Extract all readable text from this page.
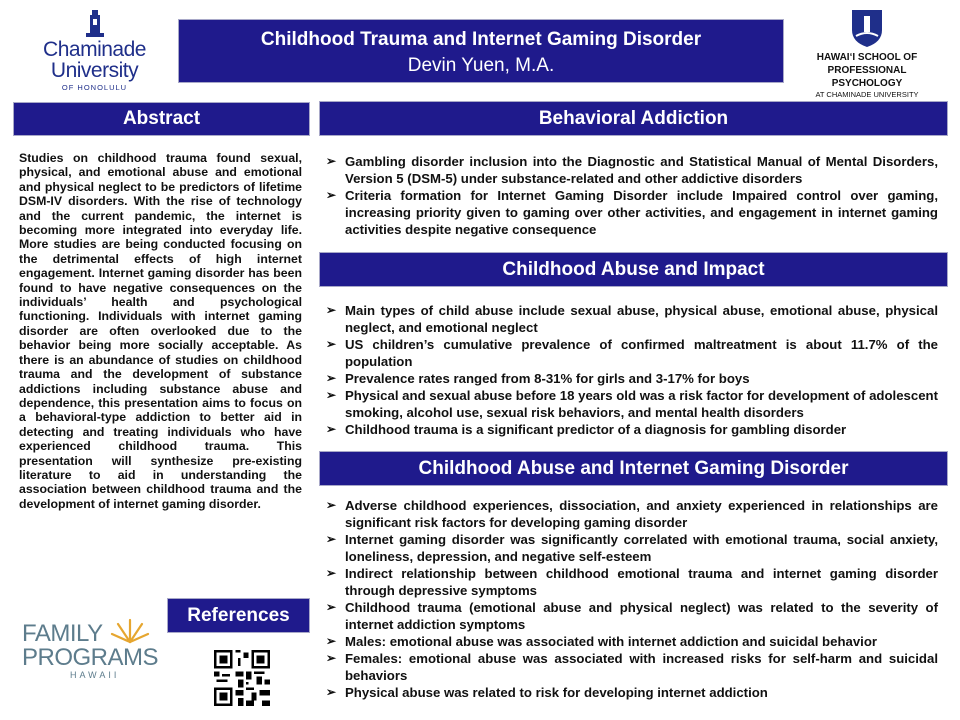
Chaminade
University
OF HONOLULU
HAWAI‘I SCHOOL OF
PROFESSIONAL PSYCHOLOGY
AT CHAMINADE UNIVERSITY
Childhood Trauma and Internet Gaming Disorder
Devin Yuen, M.A.
Abstract

Studies on childhood trauma found sexual, physical, and emotional abuse and emotional and physical neglect to be predictors of lifetime DSM-IV disorders. With the rise of technology and the current pandemic, the internet is becoming more integrated into everyday life. More studies are being conducted focusing on the detrimental effects of high internet engagement. Internet gaming disorder has been found to have negative consequences on the individuals’ health and psychological functioning. Individuals with internet gaming disorder are often overlooked due to the behavior being more socially acceptable. As there is an abundance of studies on childhood trauma and the development of substance addictions including substance abuse and dependence, this presentation aims to focus on a behavioral-type addiction to better aid in detecting and treating individuals who have experienced childhood trauma. This presentation will synthesize pre-existing literature to aid in understanding the association between childhood trauma and the development of internet gaming disorder.

References
FAMILY
PROGRAMS
HAWAII
Behavioral Addiction
➢ Gambling disorder inclusion into the Diagnostic and Statistical Manual of Mental Disorders, Version 5 (DSM-5) under substance-related and other addictive disorders
➢ Criteria formation for Internet Gaming Disorder include Impaired control over gaming, increasing priority given to gaming over other activities, and engagement in internet gaming activities despite negative consequence
Childhood Abuse and Impact
➢ Main types of child abuse include sexual abuse, physical abuse, emotional abuse, physical neglect, and emotional neglect
➢ US children’s cumulative prevalence of confirmed maltreatment is about 11.7% of the population
➢ Prevalence rates ranged from 8-31% for girls and 3-17% for boys
➢ Physical and sexual abuse before 18 years old was a risk factor for development of adolescent smoking, alcohol use, sexual risk behaviors, and mental health disorders
➢ Childhood trauma is a significant predictor of a diagnosis for gambling disorder
Childhood Abuse and Internet Gaming Disorder
➢ Adverse childhood experiences, dissociation, and anxiety experienced in relationships are significant risk factors for developing gaming disorder
➢ Internet gaming disorder was significantly correlated with emotional trauma, social anxiety, loneliness, depression, and negative self-esteem
➢ Indirect relationship between childhood emotional trauma and internet gaming disorder through depressive symptoms
➢ Childhood trauma (emotional abuse and physical neglect) was related to the severity of internet addiction symptoms
➢ Males: emotional abuse was associated with internet addiction and suicidal behavior
➢ Females: emotional abuse was associated with increased risks for self-harm and suicidal behaviors
➢ Physical abuse was related to risk for developing internet addiction
